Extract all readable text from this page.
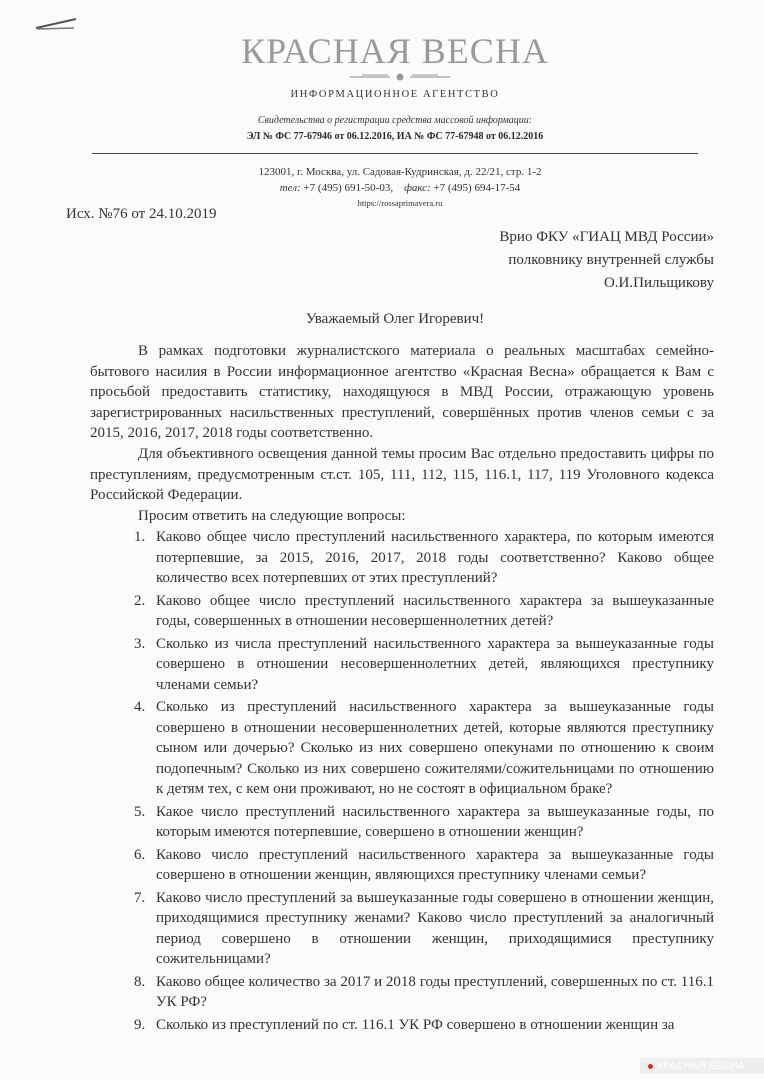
КРАСНАЯ ВЕСНА
ИНФОРМАЦИОННОЕ АГЕНТСТВО
Свидетельства о регистрации средства массовой информации:
ЭЛ № ФС 77-67946 от 06.12.2016, ИА № ФС 77-67948 от 06.12.2016
123001, г. Москва, ул. Садовая-Кудринская, д. 22/21, стр. 1-2
тел: +7 (495) 691-50-03, факс: +7 (495) 694-17-54
https://rossaprimavera.ru
Исх. №76 от 24.10.2019
Врио ФКУ «ГИАЦ МВД России»
полковнику внутренней службы
О.И.Пильщикову
Уважаемый Олег Игоревич!

В рамках подготовки журналистского материала о реальных масштабах семейно-бытового насилия в России информационное агентство «Красная Весна» обращается к Вам с просьбой предоставить статистику, находящуюся в МВД России, отражающую уровень зарегистрированных насильственных преступлений, совершённых против членов семьи с за 2015, 2016, 2017, 2018 годы соответственно.

Для объективного освещения данной темы просим Вас отдельно предоставить цифры по преступлениям, предусмотренным ст.ст. 105, 111, 112, 115, 116.1, 117, 119 Уголовного кодекса Российской Федерации.

Просим ответить на следующие вопросы:

1. Каково общее число преступлений насильственного характера, по которым имеются потерпевшие, за 2015, 2016, 2017, 2018 годы соответственно? Каково общее количество всех потерпевших от этих преступлений?
2. Каково общее число преступлений насильственного характера за вышеуказанные годы, совершенных в отношении несовершеннолетних детей?
3. Сколько из числа преступлений насильственного характера за вышеуказанные годы совершено в отношении несовершеннолетних детей, являющихся преступнику членами семьи?
4. Сколько из преступлений насильственного характера за вышеуказанные годы совершено в отношении несовершеннолетних детей, которые являются преступнику сыном или дочерью? Сколько из них совершено опекунами по отношению к своим подопечным? Сколько из них совершено сожителями/сожительницами по отношению к детям тех, с кем они проживают, но не состоят в официальном браке?
5. Какое число преступлений насильственного характера за вышеуказанные годы, по которым имеются потерпевшие, совершено в отношении женщин?
6. Каково число преступлений насильственного характера за вышеуказанные годы совершено в отношении женщин, являющихся преступнику членами семьи?
7. Каково число преступлений за вышеуказанные годы совершено в отношении женщин, приходящимися преступнику женами? Каково число преступлений за аналогичный период совершено в отношении женщин, приходящимися преступнику сожительницами?
8. Каково общее количество за 2017 и 2018 годы преступлений, совершенных по ст. 116.1 УК РФ?
9. Сколько из преступлений по ст. 116.1 УК РФ совершено в отношении женщин за
КРАСНАЯ ВЕСНА
